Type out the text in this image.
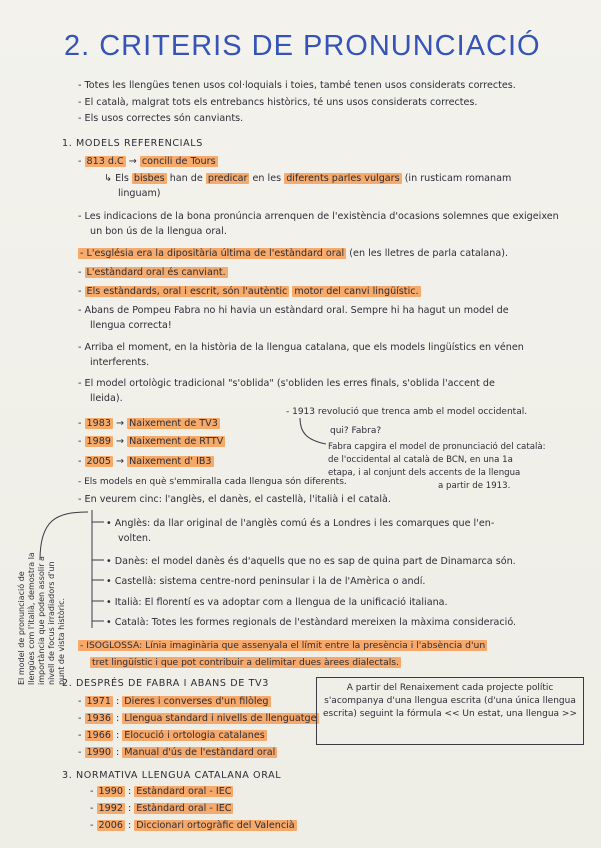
2. CRITERIS DE PRONUNCIACIÓ
- Totes les llengües tenen usos col·loquials i toies, també tenen usos considerats correctes.
- El català, malgrat tots els entrebancs històrics, té uns usos considerats correctes.
- Els usos correctes són canviants.
1. MODELS REFERENCIALS
- 813 d.C → concili de Tours
↳ Els bisbes han de predicar en les diferents parles vulgars (in rusticam romanam
linguam)
- Les indicacions de la bona pronúncia arrenquen de l'existència d'ocasions solemnes que exigeixen
un bon ús de la llengua oral.
- L'església era la dipositària última de l'estàndard oral (en les lletres de parla catalana).
- L'estàndard oral és canviant.
- Els estàndards, oral i escrit, són l'autèntic motor del canvi lingüístic.
- Abans de Pompeu Fabra no hi havia un estàndard oral. Sempre hi ha hagut un model de
llengua correcta!
- Arriba el moment, en la història de la llengua catalana, que els models lingüístics en vénen
interferents.
- El model ortològic tradicional "s'oblida" (s'obliden les erres finals, s'oblida l'accent de
lleida).
- 1913 revolució que trenca amb el model occidental.
- 1983 → Naixement de TV3
- 1989 → Naixement de RTTV
- 2005 → Naixement d' IB3
qui? Fabra?
Fabra capgira el model de pronunciació del català:
de l'occidental al català de BCN, en una 1a
etapa, i al conjunt dels accents de la llengua
a partir de 1913.
- Els models en què s'emmiralla cada llengua són diferents.
- En veurem cinc: l'anglès, el danès, el castellà, l'italià i el català.
• Anglès: da llar original de l'anglès comú és a Londres i les comarques que l'en-
volten.
• Danès: el model danès és d'aquells que no es sap de quina part de Dinamarca són.
• Castellà: sistema centre-nord peninsular i la de l'Amèrica o andí.
• Italià: El florentí es va adoptar com a llengua de la unificació italiana.
• Català: Totes les formes regionals de l'estàndard mereixen la màxima consideració.
El model de pronunciació de llengües com l'italià, demostra la importància que poden assolir a nivell de focus irradiadors d'un punt de vista històric. - ISOGLOSSA: Línia imaginària que assenyala el límit entre la presència i l'absència d'un
tret lingüístic i que pot contribuir a delimitar dues àrees dialectals.
2. DESPRÉS DE FABRA I ABANS DE TV3
- 1971 : Dieres i converses d'un filòleg
- 1936 : Llengua standard i nivells de llenguatge
- 1966 : Elocució i ortologia catalanes
- 1990 : Manual d'ús de l'estàndard oral
A partir del Renaixement cada projecte polític s'acompanya d'una llengua escrita (d'una única llengua escrita) seguint la fórmula << Un estat, una llengua >>
3. NORMATIVA LLENGUA CATALANA ORAL
- 1990 : Estàndard oral - IEC
- 1992 : Estàndard oral - IEC
- 2006 : Diccionari ortogràfic del Valencià
